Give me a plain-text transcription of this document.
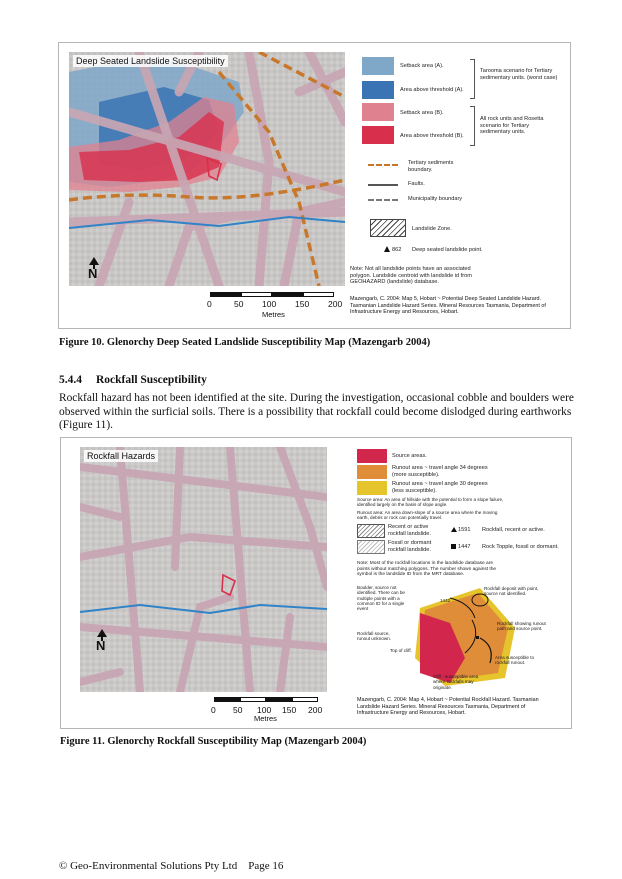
Deep Seated Landslide Susceptibility
N
0	50 100 150 200
Metres
Setback area (A).
Area above threshold (A).
Tarooma scenario for Tertiary sedimentary units. (worst case)
Setback area (B).
Area above threshold (B).
All rock units and Rosetta scenario for Tertiary sedimentary units.
Tertiary sediments boundary.
Faults.
Municipality boundary
Landslide Zone.
862 Deep seated landslide point.
Note: Not all landslide points have an associated polygon. Landslide centroid with landslide id from GEOHAZARD (landslide) database.
Mazengarb, C. 2004: Map 5, Hobart ~ Potential Deep Seated Landslide Hazard. Tasmanian Landslide Hazard Series. Mineral Resources Tasmania, Department of Infrastructure Energy and Resources, Hobart.
Figure 10. Glenorchy Deep Seated Landslide Susceptibility Map (Mazengarb 2004)
5.4.4 Rockfall Susceptibility
Rockfall hazard has not been identified at the site. During the investigation, occasional cobble and boulders were observed within the surficial soils. There is a possibility that rockfall could become dislodged during earthworks (Figure 11).
Rockfall Hazards
N
0 50 100 150 200
Metres
Source areas.
Runout area ~ travel angle 34 degrees (more susceptible).
Runout area ~ travel angle 30 degrees (less susceptible).
Source area: An area of hillside with the potential to form a slope failure, identified largely on the basis of slope angle.
Runout area: An area down-slope of a source area where the moving earth, debris or rock can potentially travel.
Recent or active rockfall landslide.
Fossil or dormant rockfall landslide.
1591 Rockfall, recent or active.
1447 Rock Topple, fossil or dormant.
Note: Most of the rockfall locations in the landslide database are points without matching polygons. The number shown against the symbol is the landslide ID from the MRT database.
1442
Boulder, source not identified. There can be multiple points with a common ID for a single event
Rockfall deposit with point, source not identified.
Rockfall showing runout path and source point.
Rockfall source, runout unknown.
Top of cliff.
Area susceptible to rockfall runout.
Cliff - susceptible area where rockfalls may originate.
Mazengarb, C. 2004: Map 4, Hobart ~ Potential Rockfall Hazard. Tasmanian Landslide Hazard Series. Mineral Resources Tasmania, Department of Infrastructure Energy and Resources, Hobart.
Figure 11. Glenorchy Rockfall Susceptibility Map (Mazengarb 2004)
© Geo-Environmental Solutions Pty Ltd Page 16
